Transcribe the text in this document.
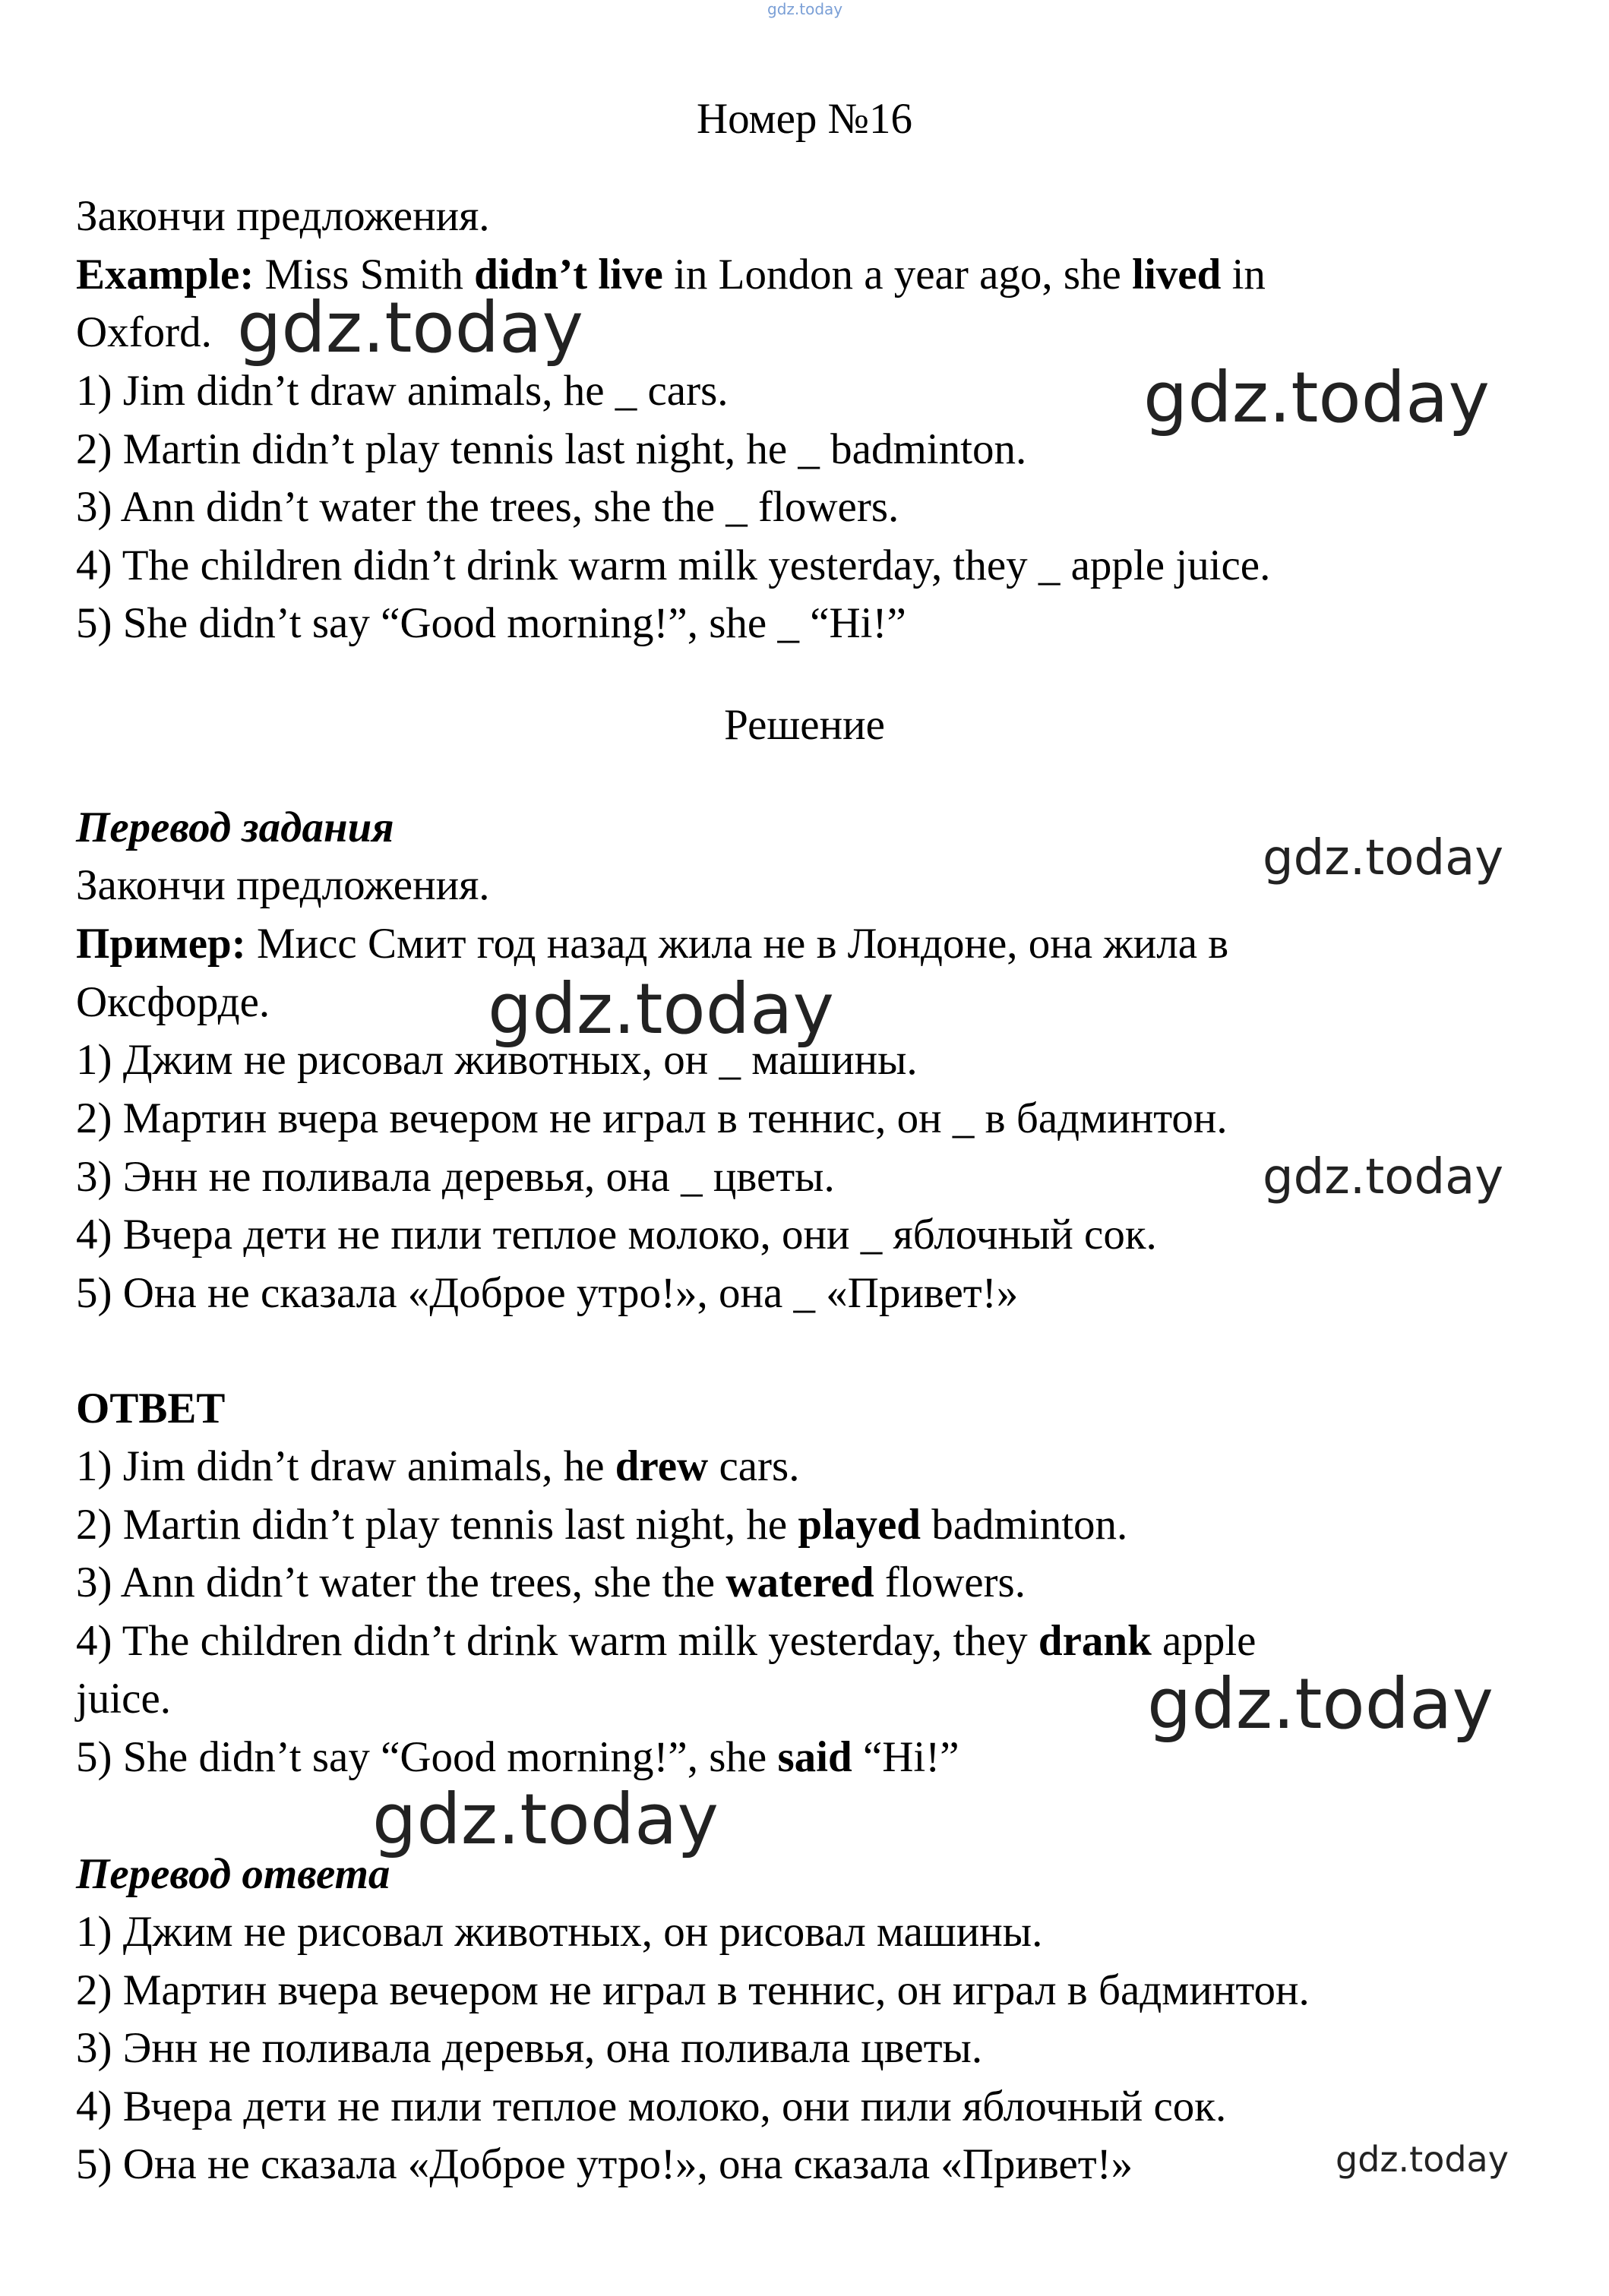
gdz.today

Номер №16

Закончи предложения.

Example: Miss Smith didn’t live in London a year ago, she lived in

Oxford.

1) Jim didn’t draw animals, he _ cars.

2) Martin didn’t play tennis last night, he _ badminton.

3) Ann didn’t water the trees, she the _ flowers.

4) The children didn’t drink warm milk yesterday, they _ apple juice.

5) She didn’t say “Good morning!”, she _ “Hi!”

Решение

Перевод задания

Закончи предложения.

Пример: Мисс Смит год назад жила не в Лондоне, она жила в

Оксфорде.

1) Джим не рисовал животных, он _ машины.

2) Мартин вчера вечером не играл в теннис, он _ в бадминтон.

3) Энн не поливала деревья, она _ цветы.

4) Вчера дети не пили теплое молоко, они _ яблочный сок.

5) Она не сказала «Доброе утро!», она _ «Привет!»

ОТВЕТ

1) Jim didn’t draw animals, he drew cars.

2) Martin didn’t play tennis last night, he played badminton.

3) Ann didn’t water the trees, she the watered flowers.

4) The children didn’t drink warm milk yesterday, they drank apple

juice.

5) She didn’t say “Good morning!”, she said “Hi!”

Перевод ответа

1) Джим не рисовал животных, он рисовал машины.

2) Мартин вчера вечером не играл в теннис, он играл в бадминтон.

3) Энн не поливала деревья, она поливала цветы.

4) Вчера дети не пили теплое молоко, они пили яблочный сок.

5) Она не сказала «Доброе утро!», она сказала «Привет!»

gdz.today
gdz.today
gdz.today
gdz.today
gdz.today
gdz.today
gdz.today
gdz.today
